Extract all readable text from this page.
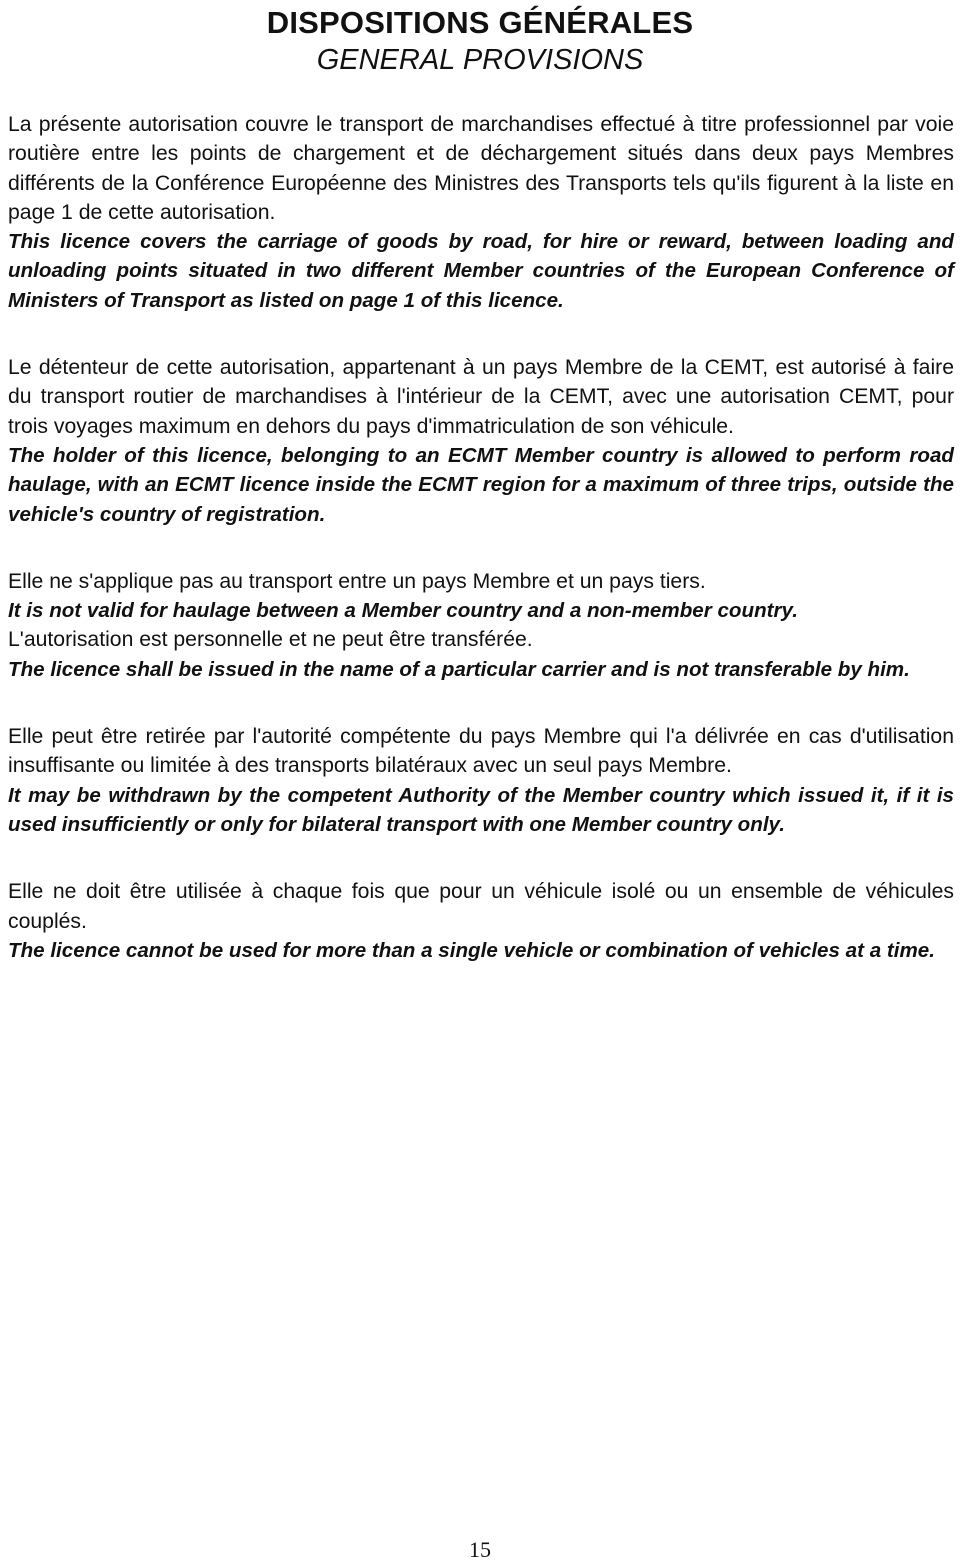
DISPOSITIONS GÉNÉRALES

GENERAL PROVISIONS

La présente autorisation couvre le transport de marchandises effectué à titre professionnel par voie routière entre les points de chargement et de déchargement situés dans deux pays Membres différents de la Conférence Européenne des Ministres des Transports tels qu'ils figurent à la liste en page 1 de cette autorisation.

This licence covers the carriage of goods by road, for hire or reward, between loading and unloading points situated in two different Member countries of the European Conference of Ministers of Transport as listed on page 1 of this licence.

Le détenteur de cette autorisation, appartenant à un pays Membre de la CEMT, est autorisé à faire du transport routier de marchandises à l'intérieur de la CEMT, avec une autorisation CEMT, pour trois voyages maximum en dehors du pays d'immatriculation de son véhicule.

The holder of this licence, belonging to an ECMT Member country is allowed to perform road haulage, with an ECMT licence inside the ECMT region for a maximum of three trips, outside the vehicle's country of registration.

Elle ne s'applique pas au transport entre un pays Membre et un pays tiers.

It is not valid for haulage between a Member country and a non-member country.

L'autorisation est personnelle et ne peut être transférée.

The licence shall be issued in the name of a particular carrier and is not transferable by him.

Elle peut être retirée par l'autorité compétente du pays Membre qui l'a délivrée en cas d'utilisation insuffisante ou limitée à des transports bilatéraux avec un seul pays Membre.

It may be withdrawn by the competent Authority of the Member country which issued it, if it is used insufficiently or only for bilateral transport with one Member country only.

Elle ne doit être utilisée à chaque fois que pour un véhicule isolé ou un ensemble de véhicules couplés.

The licence cannot be used for more than a single vehicle or combination of vehicles at a time.

15
